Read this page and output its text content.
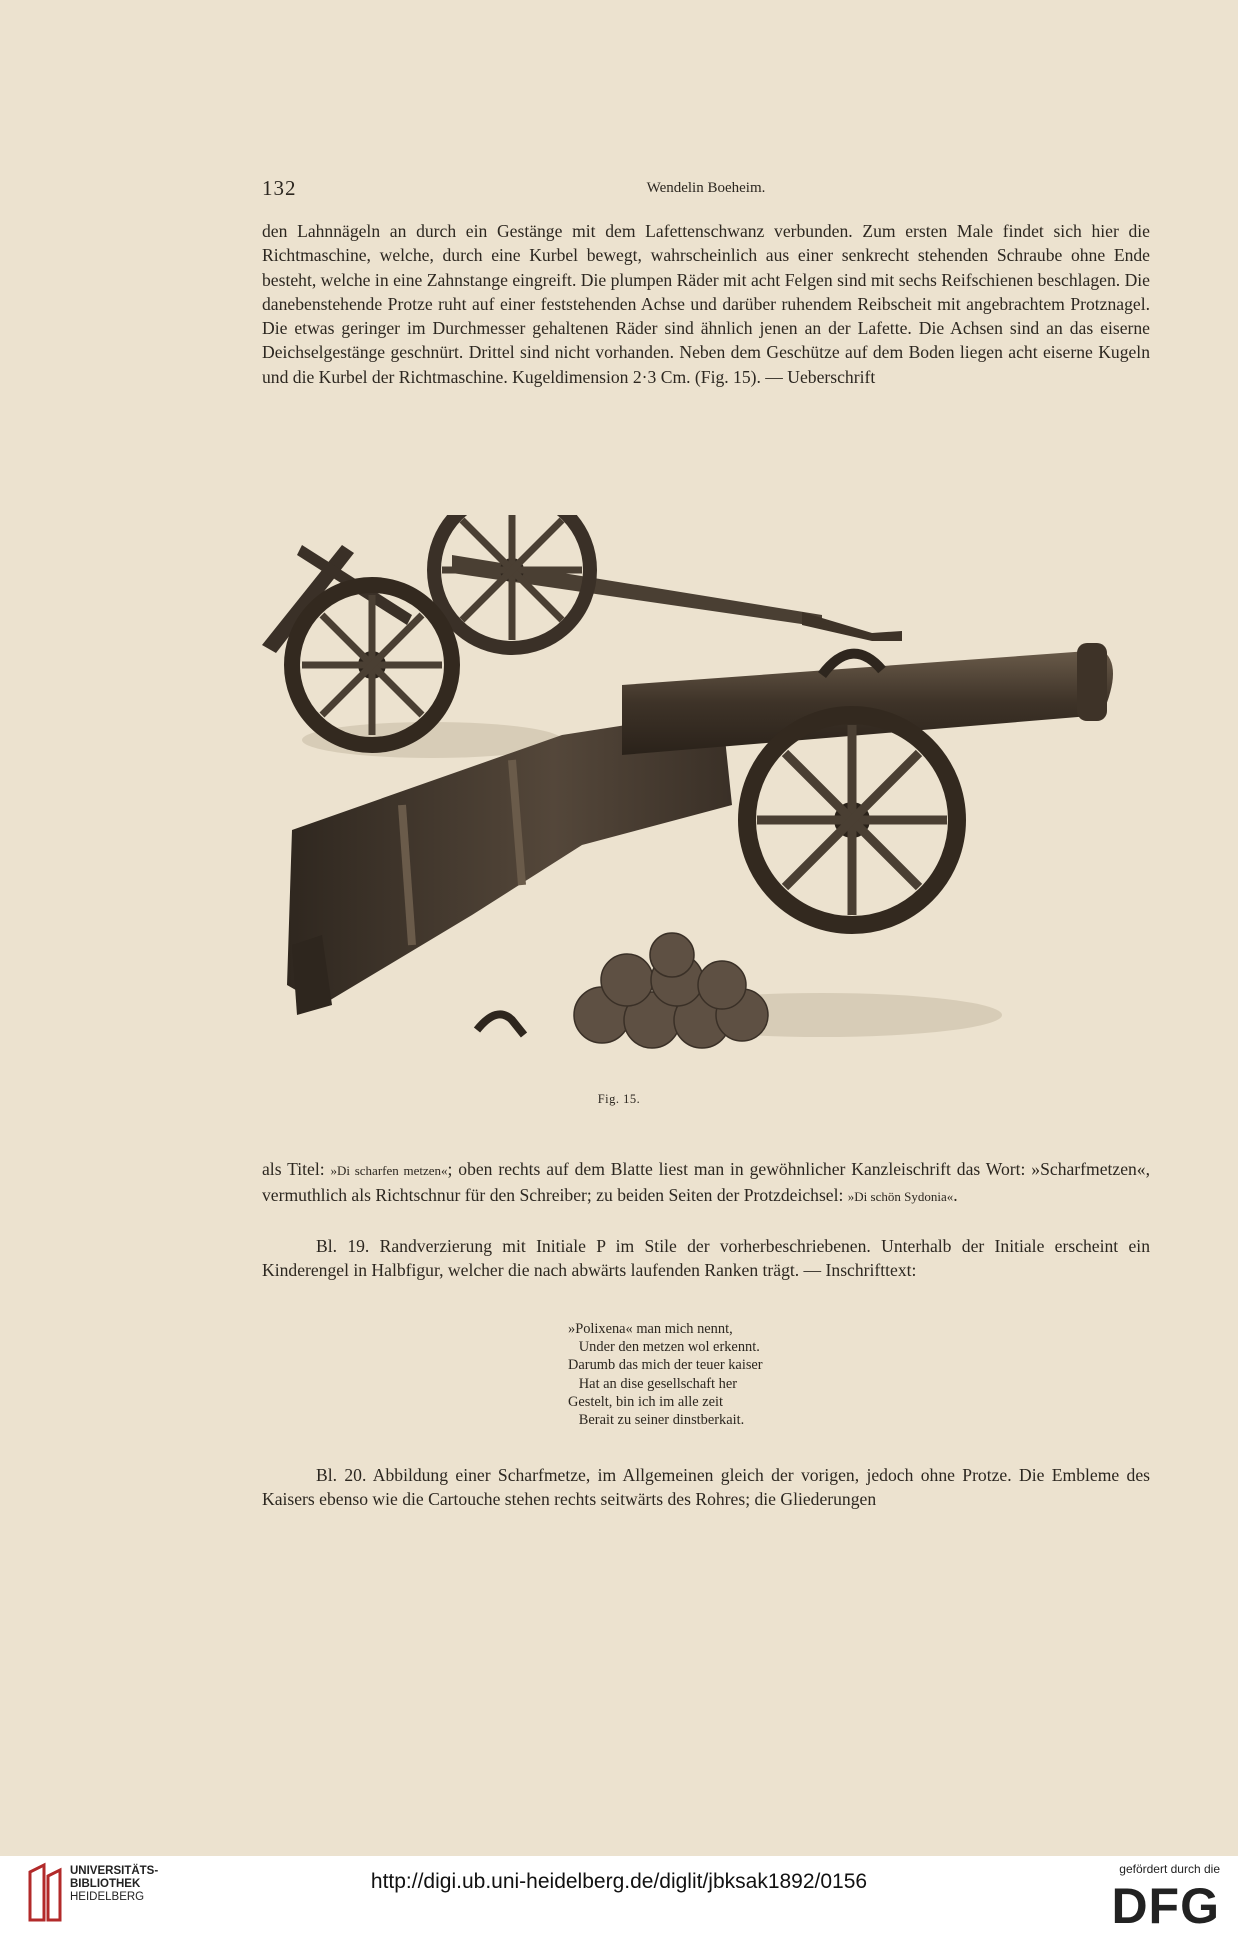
132	Wendelin Boeheim.

den Lahnnägeln an durch ein Gestänge mit dem Lafettenschwanz verbunden. Zum ersten Male findet sich hier die Richtmaschine, welche, durch eine Kurbel bewegt, wahrscheinlich aus einer senkrecht stehenden Schraube ohne Ende besteht, welche in eine Zahnstange eingreift. Die plumpen Räder mit acht Felgen sind mit sechs Reifschienen beschlagen. Die danebenstehende Protze ruht auf einer feststehenden Achse und darüber ruhendem Reibscheit mit angebrachtem Protznagel. Die etwas geringer im Durchmesser gehaltenen Räder sind ähnlich jenen an der Lafette. Die Achsen sind an das eiserne Deichselgestänge geschnürt. Drittel sind nicht vorhanden. Neben dem Geschütze auf dem Boden liegen acht eiserne Kugeln und die Kurbel der Richtmaschine. Kugeldimension 2·3 Cm. (Fig. 15). — Ueberschrift

Fig. 15.

als Titel: »Di scharfen metzen«; oben rechts auf dem Blatte liest man in gewöhnlicher Kanzleischrift das Wort: »Scharfmetzen«, vermuthlich als Richtschnur für den Schreiber; zu beiden Seiten der Protzdeichsel: »Di schön Sydonia«.

Bl. 19. Randverzierung mit Initiale P im Stile der vorherbeschriebenen. Unterhalb der Initiale erscheint ein Kinderengel in Halbfigur, welcher die nach abwärts laufenden Ranken trägt. — Inschrifttext:

»Polixena« man mich nennt,
Under den metzen wol erkennt.
Darumb das mich der teuer kaiser
Hat an dise gesellschaft her
Gestelt, bin ich im alle zeit
Berait zu seiner dinstberkait.

Bl. 20. Abbildung einer Scharfmetze, im Allgemeinen gleich der vorigen, jedoch ohne Protze. Die Embleme des Kaisers ebenso wie die Cartouche stehen rechts seitwärts des Rohres; die Gliederungen

UNIVERSITÄTS-
BIBLIOTHEK
HEIDELBERG
http://digi.ub.uni-heidelberg.de/diglit/jbksak1892/0156
gefördert durch die
DFG
